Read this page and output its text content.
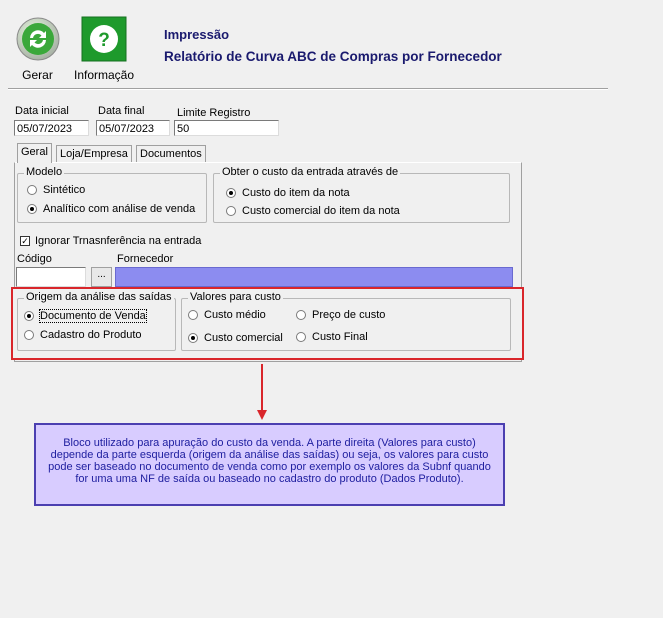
Gerar
?
Informação
Impressão
Relatório de Curva ABC de Compras por Fornecedor
Data inicial
05/07/2023
Data final
05/07/2023
Limite Registro
50
Geral	Loja/Empresa	Documentos
Modelo
Sintético
Analítico com análise de venda
Obter o custo da entrada através de
Custo do item da nota
Custo comercial do item da nota
✓ Ignorar Trnasnferência na entrada
Código
...
Fornecedor
Origem da análise das saídas
Documento de Venda
Cadastro do Produto
Valores para custo
Custo médio	Preço de custo
Custo comercial	Custo Final
Bloco utilizado para apuração do custo da venda. A parte direita (Valores para custo) depende da parte esquerda (origem da análise das saídas) ou seja, os valores para custo pode ser baseado no documento de venda como por exemplo os valores da Subnf quando for uma uma NF de saída ou baseado no cadastro do produto (Dados Produto).
